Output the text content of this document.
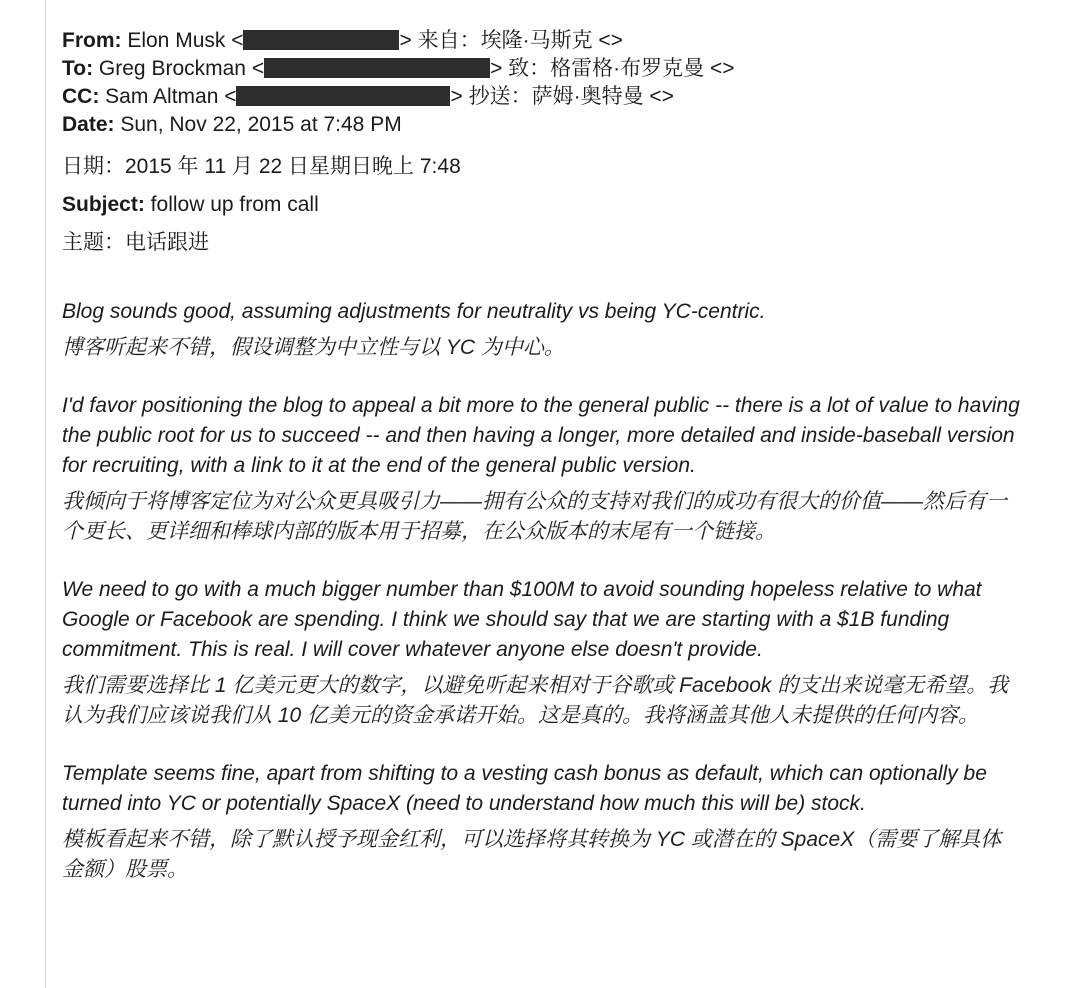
From: Elon Musk <	> 来自：埃隆·马斯克 <>

To: Greg Brockman <	> 致：格雷格·布罗克曼 <>

CC: Sam Altman <	> 抄送：萨姆·奥特曼 <>

Date: Sun, Nov 22, 2015 at 7:48 PM

日期：2015 年 11 月 22 日星期日晚上 7:48

Subject: follow up from call

主题：电话跟进

Blog sounds good, assuming adjustments for neutrality vs being YC-centric.

博客听起来不错，假设调整为中立性与以 YC 为中心。

I'd favor positioning the blog to appeal a bit more to the general public -- there is a lot of value to having the public root for us to succeed -- and then having a longer, more detailed and inside-baseball version for recruiting, with a link to it at the end of the general public version.

我倾向于将博客定位为对公众更具吸引力——拥有公众的支持对我们的成功有很大的价值——然后有一个更长、更详细和棒球内部的版本用于招募，在公众版本的末尾有一个链接。

We need to go with a much bigger number than $100M to avoid sounding hopeless relative to what Google or Facebook are spending. I think we should say that we are starting with a $1B funding commitment. This is real. I will cover whatever anyone else doesn't provide.

我们需要选择比 1 亿美元更大的数字，以避免听起来相对于谷歌或 Facebook 的支出来说毫无希望。我认为我们应该说我们从 10 亿美元的资金承诺开始。这是真的。我将涵盖其他人未提供的任何内容。

Template seems fine, apart from shifting to a vesting cash bonus as default, which can optionally be turned into YC or potentially SpaceX (need to understand how much this will be) stock.

模板看起来不错，除了默认授予现金红利，可以选择将其转换为 YC 或潜在的 SpaceX（需要了解具体金额）股票。
